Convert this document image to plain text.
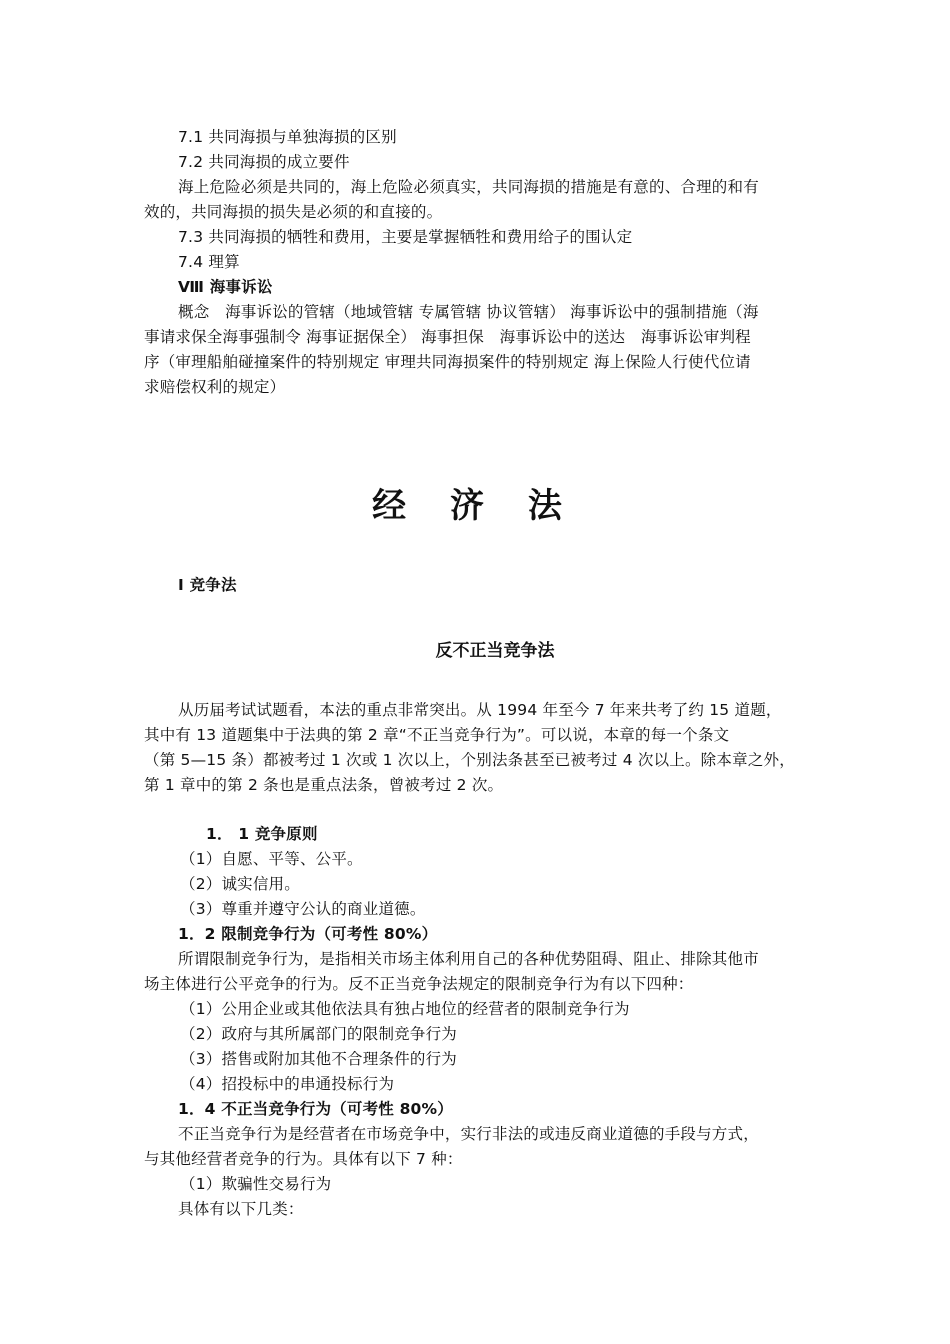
7.1 共同海损与单独海损的区别
7.2 共同海损的成立要件
海上危险必须是共同的，海上危险必须真实，共同海损的措施是有意的、合理的和有
效的，共同海损的损失是必须的和直接的。
7.3 共同海损的牺牲和费用，主要是掌握牺牲和费用给子的围认定
7.4 理算
Ⅷ 海事诉讼
概念　海事诉讼的管辖（地域管辖 专属管辖 协议管辖） 海事诉讼中的强制措施（海
事请求保全海事强制令 海事证据保全） 海事担保　海事诉讼中的送达　海事诉讼审判程
序（审理船舶碰撞案件的特别规定 审理共同海损案件的特别规定 海上保险人行使代位请
求赔偿权利的规定）
经 济 法
Ⅰ 竞争法
反不正当竞争法
从历届考试试题看，本法的重点非常突出。从 1994 年至今 7 年来共考了约 15 道题，
其中有 13 道题集中于法典的第 2 章“不正当竞争行为”。可以说，本章的每一个条文
（第 5—15 条）都被考过 1 次或 1 次以上，个别法条甚至已被考过 4 次以上。除本章之外，
第 1 章中的第 2 条也是重点法条，曾被考过 2 次。
1． 1 竞争原则
（1）自愿、平等、公平。
（2）诚实信用。
（3）尊重并遵守公认的商业道德。
1．2 限制竞争行为（可考性 80%）
所谓限制竞争行为，是指相关市场主体利用自己的各种优势阻碍、阻止、排除其他市
场主体进行公平竞争的行为。反不正当竞争法规定的限制竞争行为有以下四种：
（1）公用企业或其他依法具有独占地位的经营者的限制竞争行为
（2）政府与其所属部门的限制竞争行为
（3）搭售或附加其他不合理条件的行为
（4）招投标中的串通投标行为
1．4 不正当竞争行为（可考性 80%）
不正当竞争行为是经营者在市场竞争中，实行非法的或违反商业道德的手段与方式，
与其他经营者竞争的行为。具体有以下 7 种：
（1）欺骗性交易行为
具体有以下几类：
